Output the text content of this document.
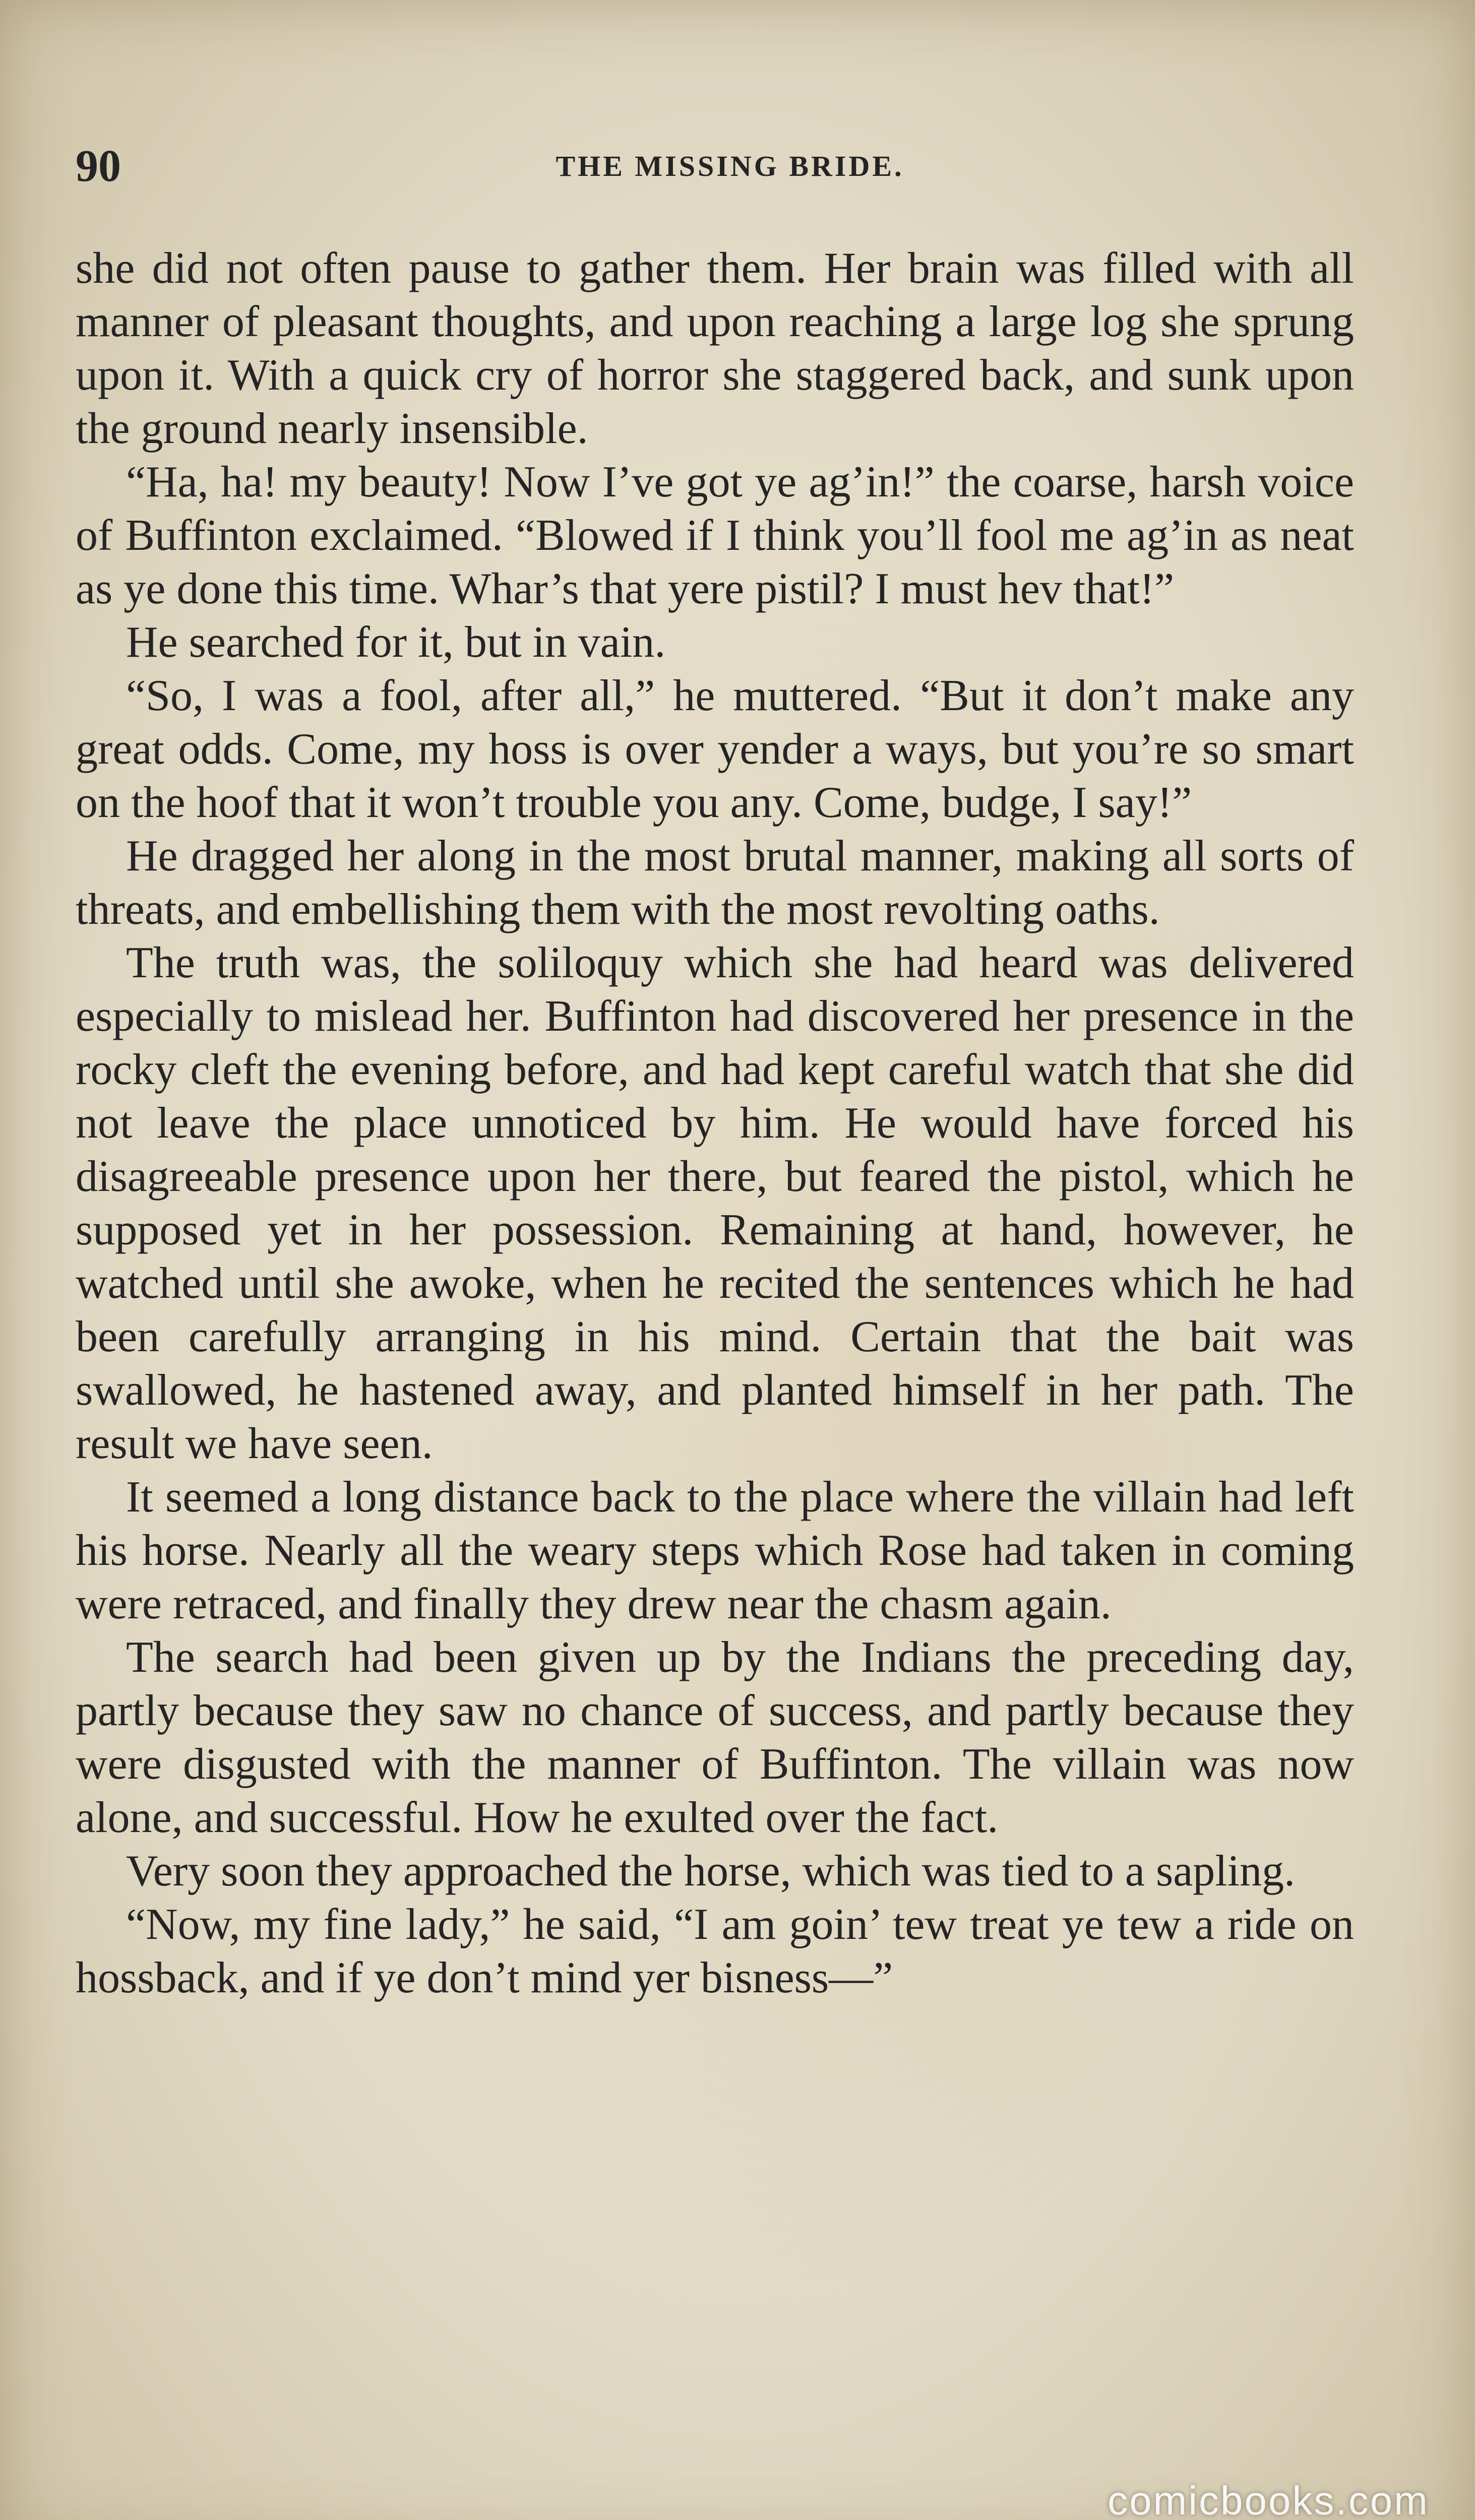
90	THE MISSING BRIDE.

she did not often pause to gather them. Her brain was filled with all manner of pleasant thoughts, and upon reaching a large log she sprung upon it. With a quick cry of horror she staggered back, and sunk upon the ground nearly insensible.

“Ha, ha! my beauty! Now I’ve got ye ag’in!” the coarse, harsh voice of Buffinton exclaimed. “Blowed if I think you’ll fool me ag’in as neat as ye done this time. Whar’s that yere pistil? I must hev that!”

He searched for it, but in vain.

“So, I was a fool, after all,” he muttered. “But it don’t make any great odds. Come, my hoss is over yender a ways, but you’re so smart on the hoof that it won’t trouble you any. Come, budge, I say!”

He dragged her along in the most brutal manner, making all sorts of threats, and embellishing them with the most revolting oaths.

The truth was, the soliloquy which she had heard was delivered especially to mislead her. Buffinton had discovered her presence in the rocky cleft the evening before, and had kept careful watch that she did not leave the place unnoticed by him. He would have forced his disagreeable presence upon her there, but feared the pistol, which he supposed yet in her possession. Remaining at hand, however, he watched until she awoke, when he recited the sentences which he had been carefully arranging in his mind. Certain that the bait was swallowed, he hastened away, and planted himself in her path. The result we have seen.

It seemed a long distance back to the place where the villain had left his horse. Nearly all the weary steps which Rose had taken in coming were retraced, and finally they drew near the chasm again.

The search had been given up by the Indians the preceding day, partly because they saw no chance of success, and partly because they were disgusted with the manner of Buffinton. The villain was now alone, and successful. How he exulted over the fact.

Very soon they approached the horse, which was tied to a sapling.

“Now, my fine lady,” he said, “I am goin’ tew treat ye tew a ride on hossback, and if ye don’t mind yer bisness—”

comicbooks.com
